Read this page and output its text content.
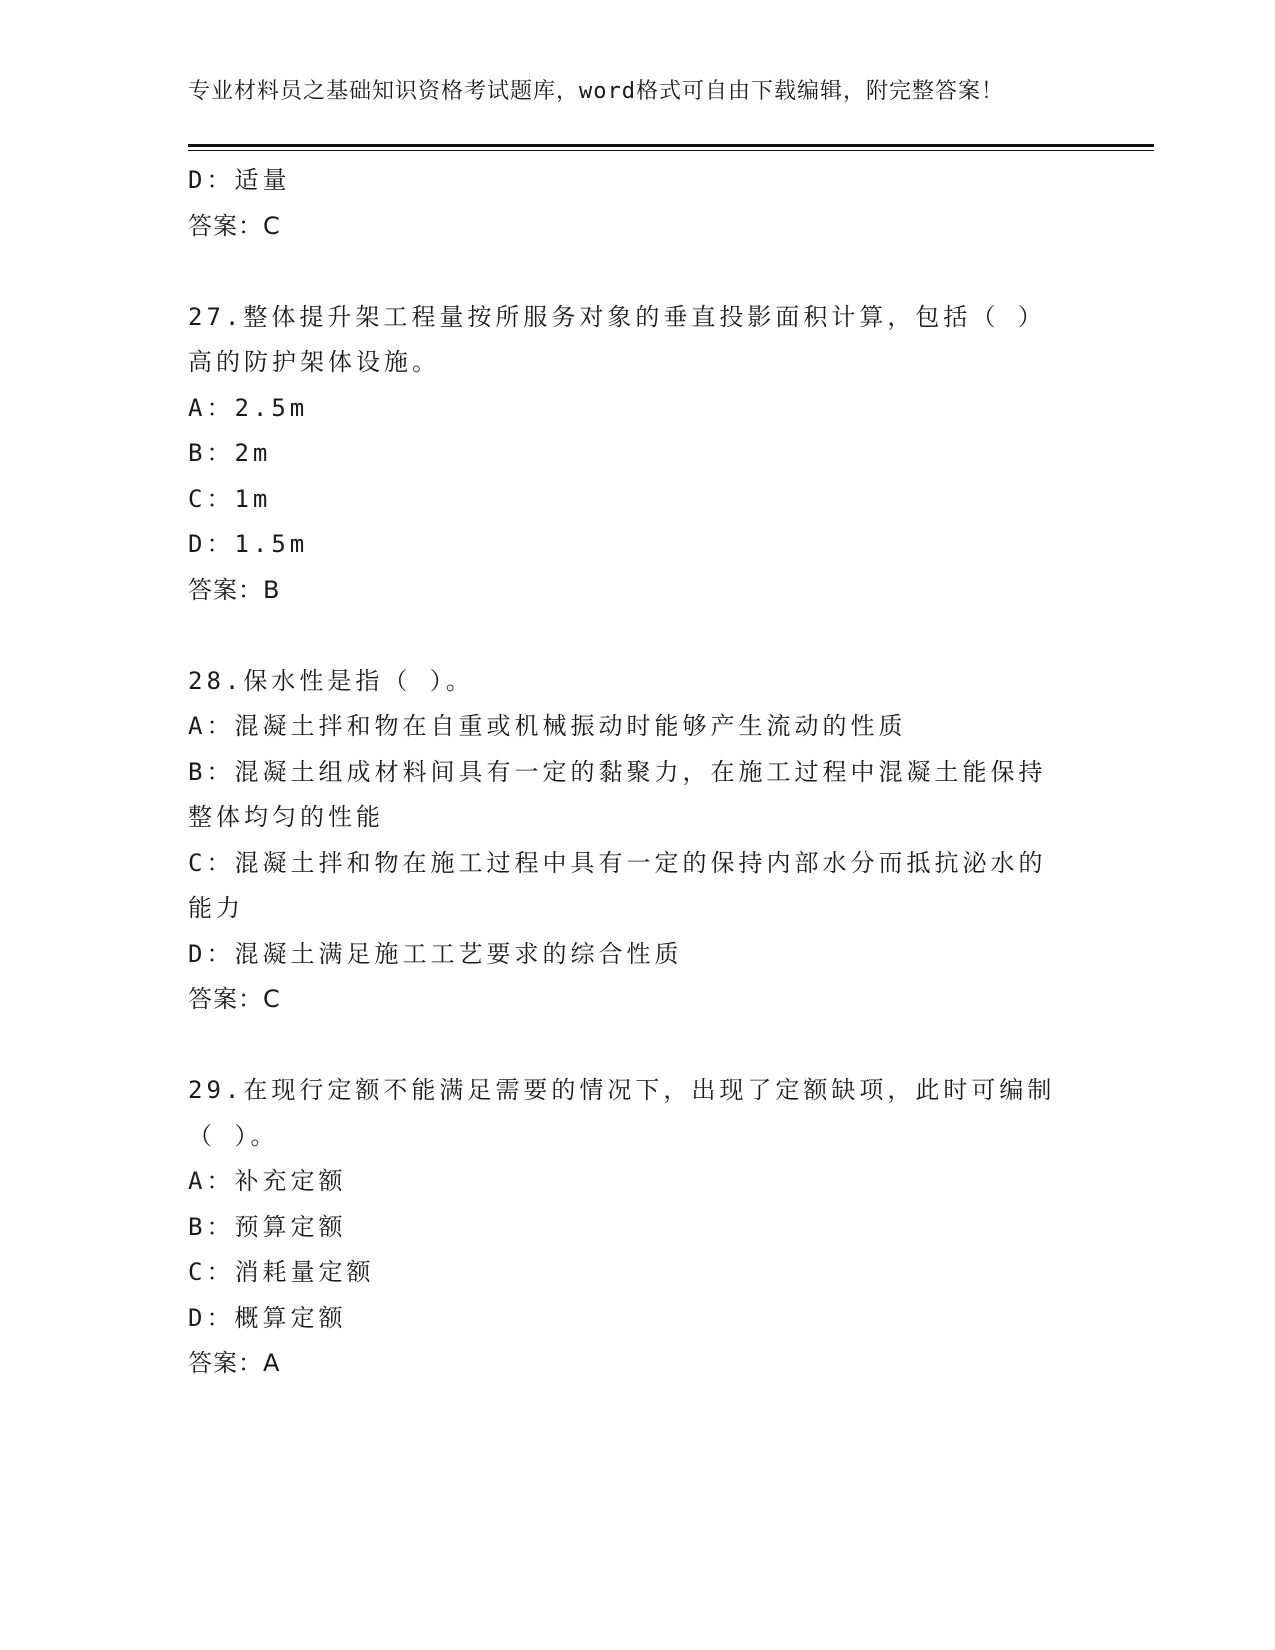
专业材料员之基础知识资格考试题库，word格式可自由下载编辑，附完整答案！
D：适量
答案：C
27.整体提升架工程量按所服务对象的垂直投影面积计算，包括（ ）
高的防护架体设施。
A：2.5m
B：2m
C：1m
D：1.5m
答案：B
28.保水性是指（ ）。
A：混凝土拌和物在自重或机械振动时能够产生流动的性质
B：混凝土组成材料间具有一定的黏聚力，在施工过程中混凝土能保持
整体均匀的性能
C：混凝土拌和物在施工过程中具有一定的保持内部水分而抵抗泌水的
能力
D：混凝土满足施工工艺要求的综合性质
答案：C
29.在现行定额不能满足需要的情况下，出现了定额缺项，此时可编制
（ ）。
A：补充定额
B：预算定额
C：消耗量定额
D：概算定额
答案：A
